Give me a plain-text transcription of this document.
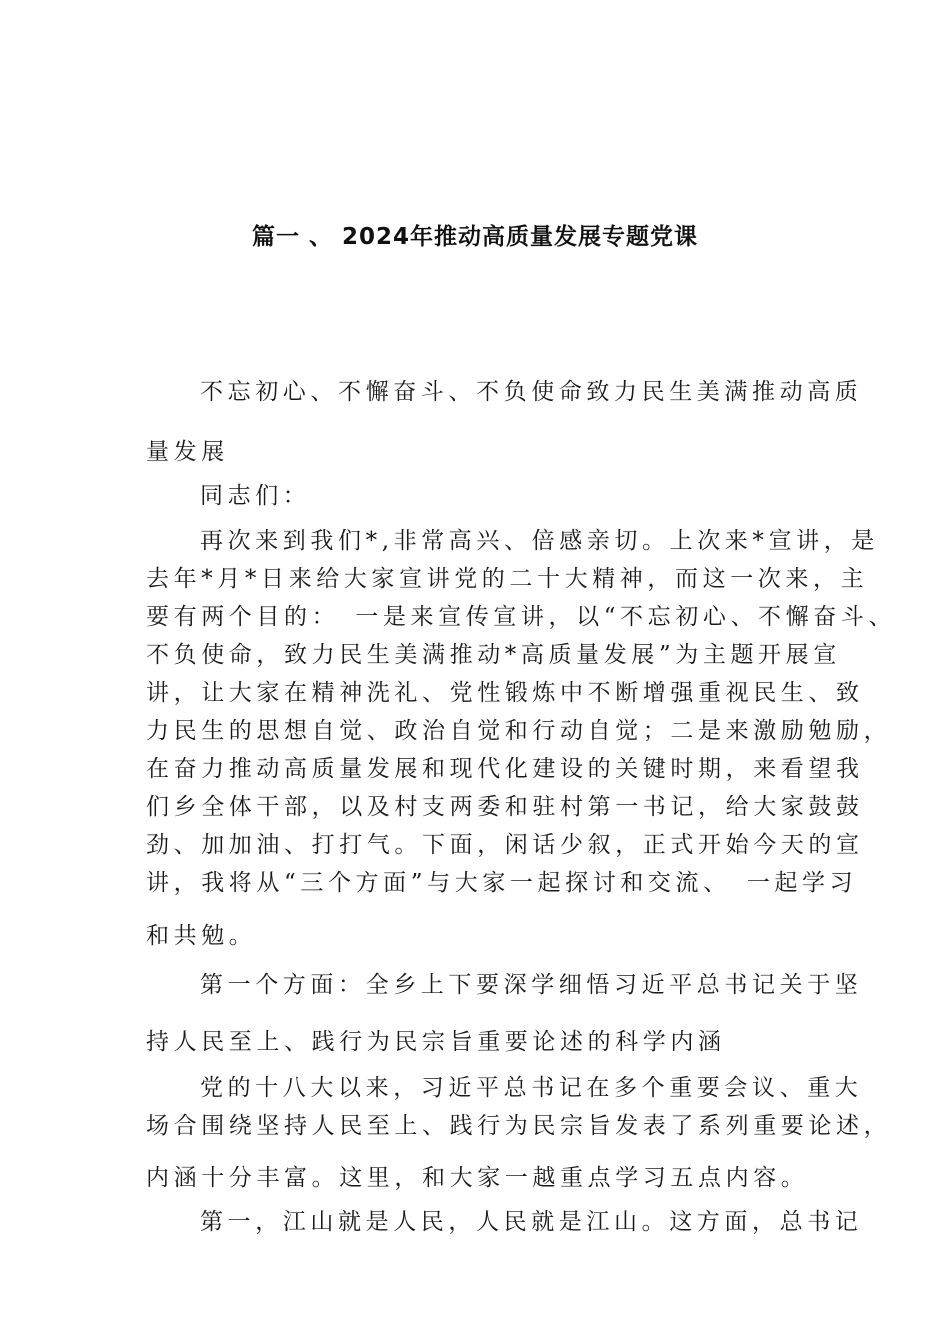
篇一 、 2024年推动高质量发展专题党课
不忘初心、不懈奋斗、不负使命致力民生美满推动高质
量发展
同志们：
再次来到我们*,非常高兴、倍感亲切。上次来*宣讲，是
去年*月*日来给大家宣讲党的二十大精神，而这一次来，主
要有两个目的：　一是来宣传宣讲，以“不忘初心、不懈奋斗、
不负使命，致力民生美满推动*高质量发展”为主题开展宣
讲，让大家在精神洗礼、党性锻炼中不断增强重视民生、致
力民生的思想自觉、政治自觉和行动自觉；二是来激励勉励，
在奋力推动高质量发展和现代化建设的关键时期，来看望我
们乡全体干部，以及村支两委和驻村第一书记，给大家鼓鼓
劲、加加油、打打气。下面，闲话少叙，正式开始今天的宣
讲，我将从“三个方面”与大家一起探讨和交流、　一起学习
和共勉。
第一个方面：全乡上下要深学细悟习近平总书记关于坚
持人民至上、践行为民宗旨重要论述的科学内涵
党的十八大以来，习近平总书记在多个重要会议、重大
场合围绕坚持人民至上、践行为民宗旨发表了系列重要论述，
内涵十分丰富。这里，和大家一越重点学习五点内容。
第一，江山就是人民，人民就是江山。这方面，总书记
